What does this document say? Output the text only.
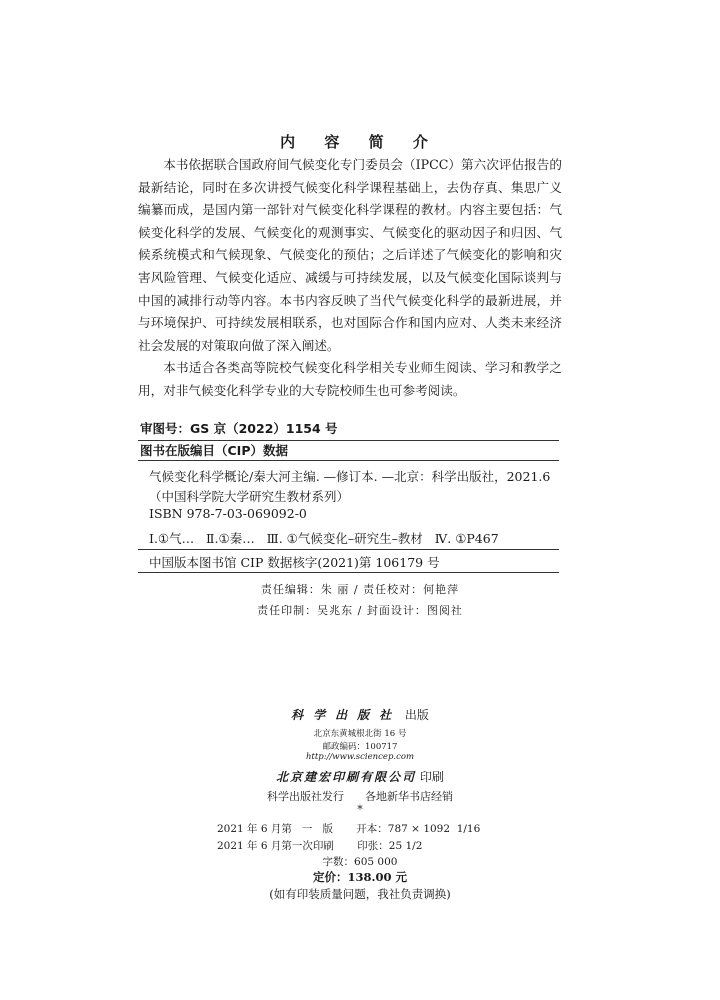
内 容 简 介

本书依据联合国政府间气候变化专门委员会（IPCC）第六次评估报告的最新结论，同时在多次讲授气候变化科学课程基础上，去伪存真、集思广义编纂而成，是国内第一部针对气候变化科学课程的教材。内容主要包括：气候变化科学的发展、气候变化的观测事实、气候变化的驱动因子和归因、气候系统模式和气候现象、气候变化的预估；之后详述了气候变化的影响和灾害风险管理、气候变化适应、减缓与可持续发展，以及气候变化国际谈判与中国的减排行动等内容。本书内容反映了当代气候变化科学的最新进展，并与环境保护、可持续发展相联系，也对国际合作和国内应对、人类未来经济社会发展的对策取向做了深入阐述。

本书适合各类高等院校气候变化科学相关专业师生阅读、学习和教学之用，对非气候变化科学专业的大专院校师生也可参考阅读。

审图号：GS 京（2022）1154 号
图书在版编目（CIP）数据
气候变化科学概论/秦大河主编. —修订本. —北京：科学出版社，2021.6
（中国科学院大学研究生教材系列）
ISBN 978-7-03-069092-0
Ⅰ.①气…   Ⅱ.①秦…   Ⅲ. ①气候变化–研究生–教材   Ⅳ. ①P467
中国版本图书馆 CIP 数据核字(2021)第 106179 号
责任编辑：朱 丽 / 责任校对：何艳萍
责任印制：吴兆东 / 封面设计：图阅社
科学出版社 出版
北京东黄城根北街 16 号
邮政编码：100717
http://www.sciencep.com
北京建宏印刷有限公司 印刷
科学出版社发行      各地新华书店经销
*
2021 年 6 月第   一   版       开本：787 × 1092  1/16
2021 年 6 月第一次印刷       印张：25 1/2
字数：605 000
定价：138.00 元
(如有印装质量问题，我社负责调换)
